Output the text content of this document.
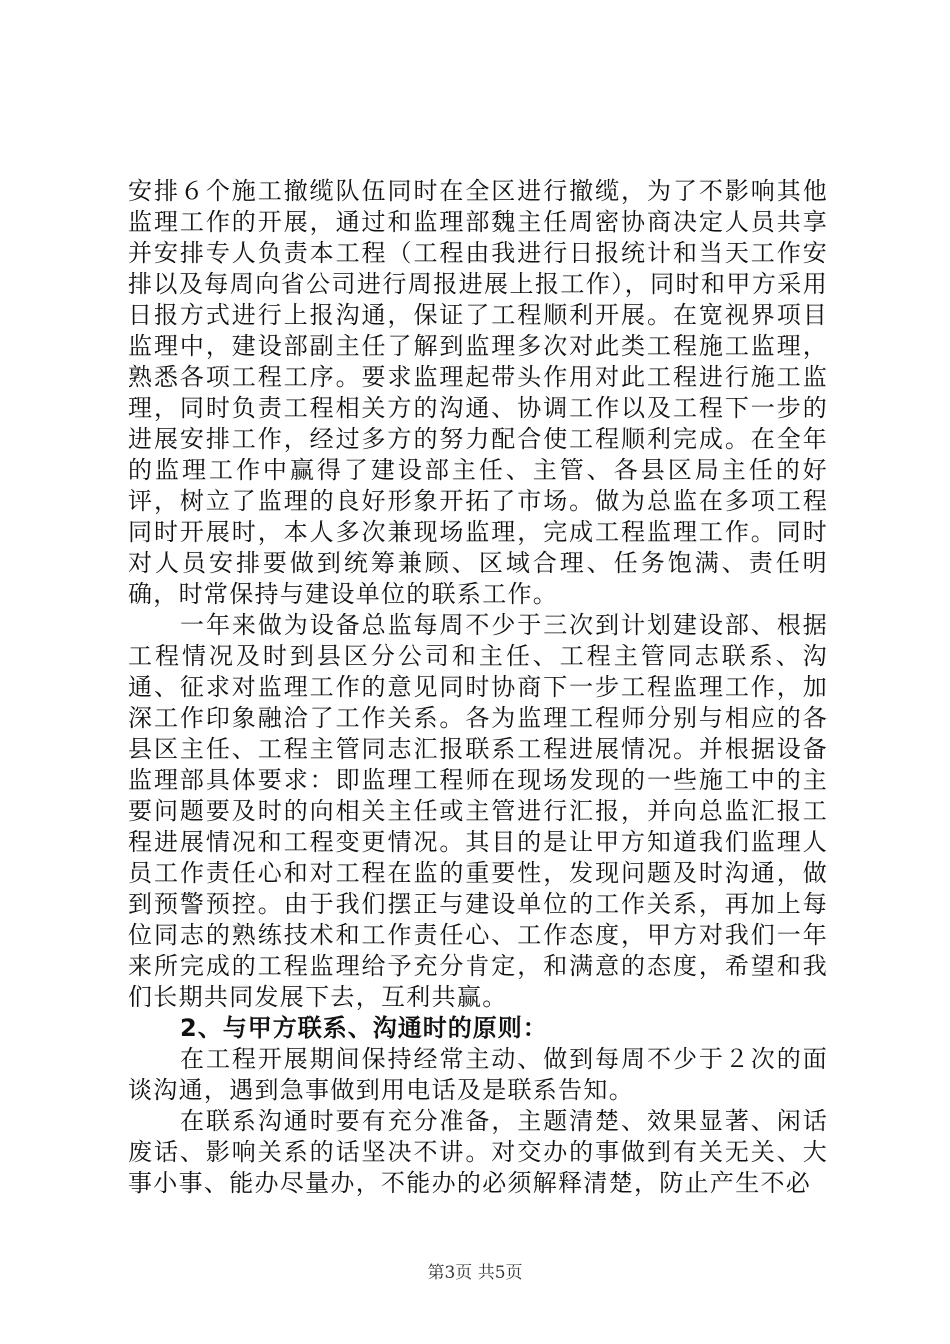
安排６个施工撤缆队伍同时在全区进行撤缆，为了不影响其他监理工作的开展，通过和监理部魏主任周密协商决定人员共享并安排专人负责本工程（工程由我进行日报统计和当天工作安排以及每周向省公司进行周报进展上报工作），同时和甲方采用日报方式进行上报沟通，保证了工程顺利开展。在宽视界项目监理中，建设部副主任了解到监理多次对此类工程施工监理，熟悉各项工程工序。要求监理起带头作用对此工程进行施工监理，同时负责工程相关方的沟通、协调工作以及工程下一步的进展安排工作，经过多方的努力配合使工程顺利完成。在全年的监理工作中赢得了建设部主任、主管、各县区局主任的好评，树立了监理的良好形象开拓了市场。做为总监在多项工程同时开展时，本人多次兼现场监理，完成工程监理工作。同时对人员安排要做到统筹兼顾、区域合理、任务饱满、责任明确，时常保持与建设单位的联系工作。

一年来做为设备总监每周不少于三次到计划建设部、根据工程情况及时到县区分公司和主任、工程主管同志联系、沟通、征求对监理工作的意见同时协商下一步工程监理工作，加深工作印象融洽了工作关系。各为监理工程师分别与相应的各县区主任、工程主管同志汇报联系工程进展情况。并根据设备监理部具体要求：即监理工程师在现场发现的一些施工中的主要问题要及时的向相关主任或主管进行汇报，并向总监汇报工程进展情况和工程变更情况。其目的是让甲方知道我们监理人员工作责任心和对工程在监的重要性，发现问题及时沟通，做到预警预控。由于我们摆正与建设单位的工作关系，再加上每位同志的熟练技术和工作责任心、工作态度，甲方对我们一年来所完成的工程监理给予充分肯定，和满意的态度，希望和我们长期共同发展下去，互利共赢。

2、与甲方联系、沟通时的原则：

在工程开展期间保持经常主动、做到每周不少于２次的面谈沟通，遇到急事做到用电话及是联系告知。

在联系沟通时要有充分准备，主题清楚、效果显著、闲话废话、影响关系的话坚决不讲。对交办的事做到有关无关、大事小事、能办尽量办，不能办的必须解释清楚，防止产生不必

第3页 共5页
